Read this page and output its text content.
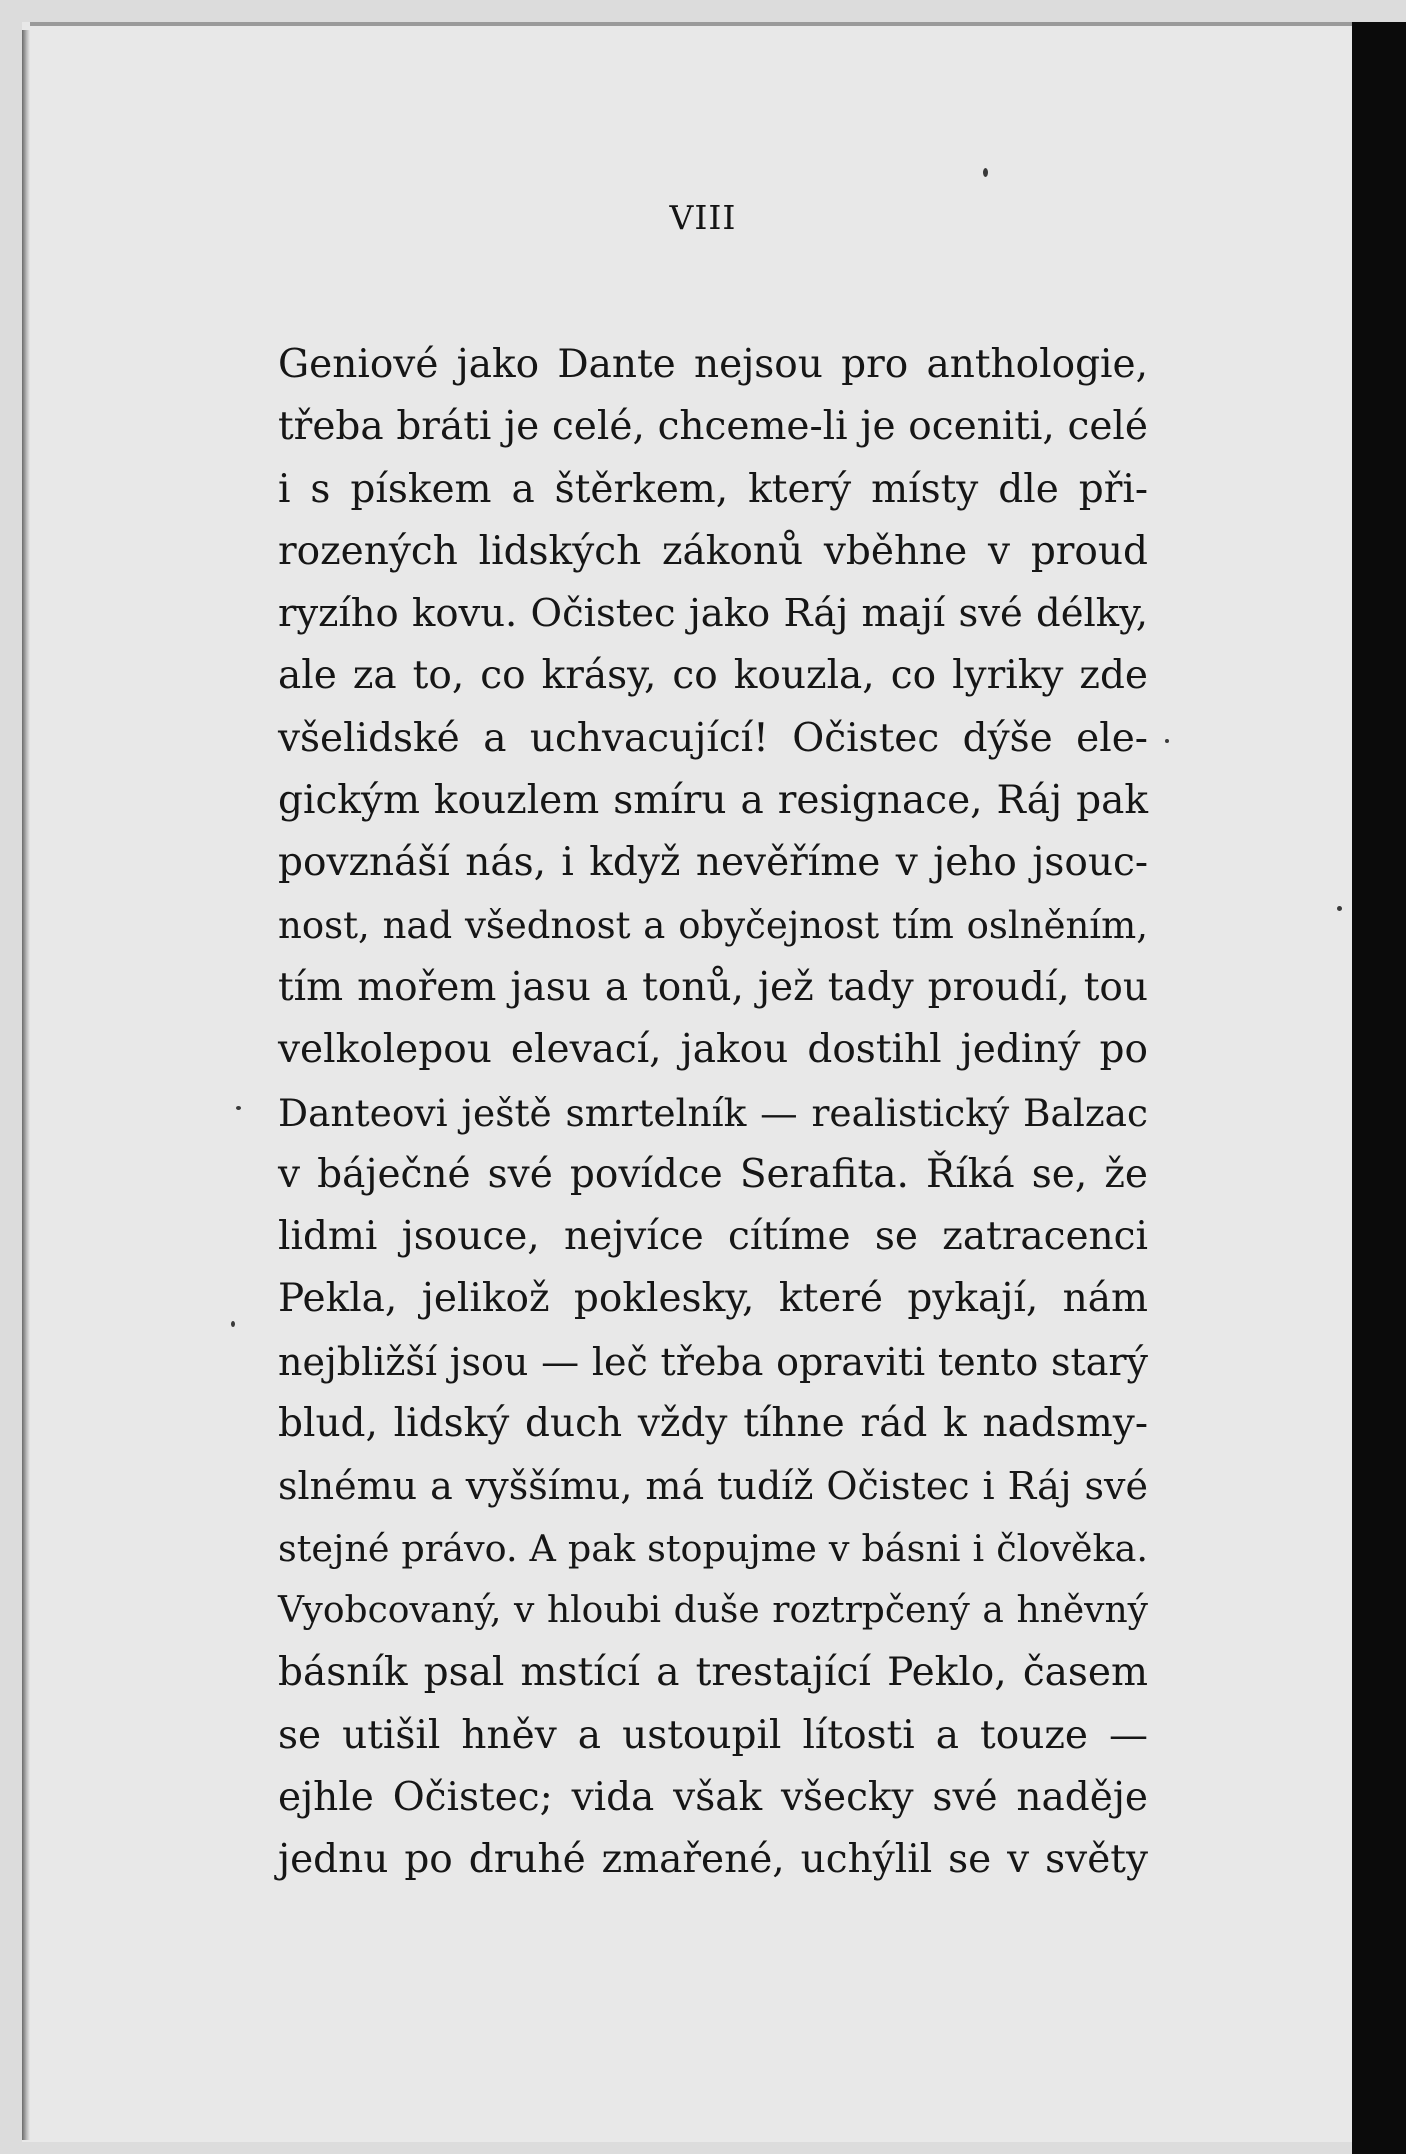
VIII
Geniové jako Dante nejsou pro anthologie,
třeba bráti je celé, chceme-li je oceniti, celé
i s pískem a štěrkem, který místy dle při-
rozených lidských zákonů vběhne v proud
ryzího kovu. Očistec jako Ráj mají své délky,
ale za to, co krásy, co kouzla, co lyriky zde
všelidské a uchvacující! Očistec dýše ele-
gickým kouzlem smíru a resignace, Ráj pak
povznáší nás, i když nevěříme v jeho jsouc-
nost, nad všednost a obyčejnost tím oslněním,
tím mořem jasu a tonů, jež tady proudí, tou
velkolepou elevací, jakou dostihl jediný po
Danteovi ještě smrtelník — realistický Balzac
v báječné své povídce Serafita. Říká se, že
lidmi jsouce, nejvíce cítíme se zatracenci
Pekla, jelikož poklesky, které pykají, nám
nejbližší jsou — leč třeba opraviti tento starý
blud, lidský duch vždy tíhne rád k nadsmy-
slnému a vyššímu, má tudíž Očistec i Ráj své
stejné právo. A pak stopujme v básni i člověka.
Vyobcovaný, v hloubi duše roztrpčený a hněvný
básník psal mstící a trestající Peklo, časem
se utišil hněv a ustoupil lítosti a touze —
ejhle Očistec; vida však všecky své naděje
jednu po druhé zmařené, uchýlil se v světy
